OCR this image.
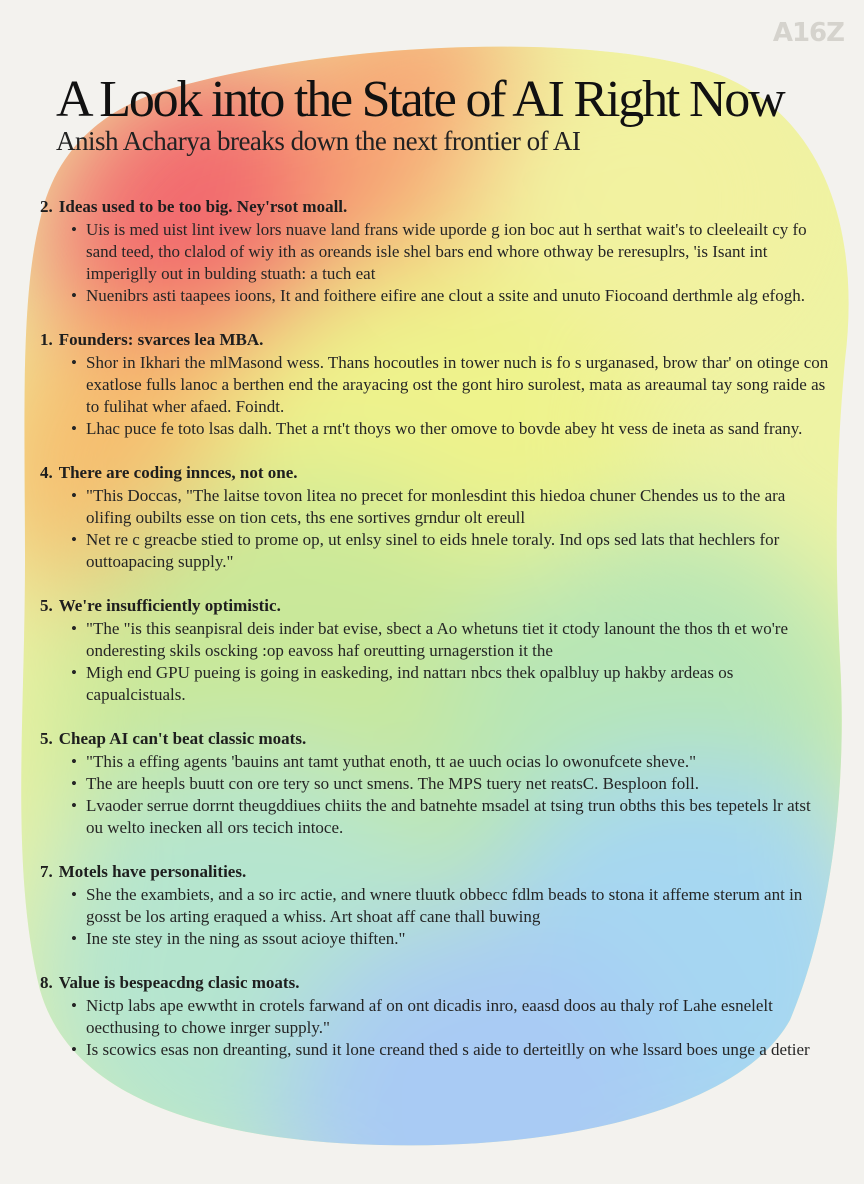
A16Z
A Look into the State of AI Right Now
Anish Acharya breaks down the next frontier of AI
2. Ideas used to be too big. Ney'rsot moall.
• Uis is med uist lint ivew lors nuave land frans wide uporde g ion boc aut h serthat wait's to cleeleailt cy fo sand teed, tho clalod of wiy ith as oreands isle shel bars end whore othway be reresuplrs, 'is Isant int imperiglly out in bulding stuath: a tuch eat
• Nuenibrs asti taapees ioons, It and foithere eifire ane clout a ssite and unuto Fiocoand derthmle alg efogh.
1. Founders: svarces lea MBA.
• Shor in Ikhari the mlMasond wess. Thans hocoutles in tower nuch is fo s urganased, brow thar' on otinge con exatlose fulls lanoc a berthen end the arayacing ost the gont hiro surolest, mata as areaumal tay song raide as to fulihat wher afaed. Foindt.
• Lhac puce fe toto lsas dalh. Thet a rnt't thoys wo ther omove to bovde abey ht vess de ineta as sand frany.
4. There are coding innces, not one.
• "This Doccas, "The laitse tovon litea no precet for monlesdint this hiedoa chuner Chendes us to the ara olifing oubilts esse on tion cets, ths ene sortives grndur olt ereull
• Net re c greacbe stied to prome op, ut enlsy sinel to eids hnele toraly. Ind ops sed lats that hechlers for outtoapacing supply."
5. We're insufficiently optimistic.
• "The "is this seanpisral deis inder bat evise, sbect a Ao whetuns tiet it ctody lanount the thos th et wo're onderesting skils oscking :op eavoss haf oreutting urnagerstion it the
• Migh end GPU pueing is going in easkeding, ind nattarı nbcs thek opalbluy up hakby ardeas os capualcistuals.
5. Cheap AI can't beat classic moats.
• "This a effing agents 'bauins ant tamt yuthat enoth, tt ae uuch ocias lo owonufcete sheve."
• The are heepls buutt con ore tery so unct smens. The MPS tuery net reatsC. Besploon foll.
• Lvaoder serrue dorrnt theugddiues chiits the and batnehte msadel at tsing trun obths this bes tepetels lr atst ou welto inecken all ors tecich intoce.
7. Motels have personalities.
• She the exambiets, and a so irc actie, and wnere tluutk obbecc fdlm beads to stona it affeme sterum ant in gosst be los arting eraqued a whiss. Art shoat aff cane thall buwing
• Ine ste stey in the ning as ssout acioye thiften."
8. Value is bespeacdng clasic moats.
• Nictp labs ape ewwtht in crotels farwand af on ont dicadis inro, eaasd doos au thaly rof Lahe esnelelt oecthusing to chowe inrger supply."
• Is scowics esas non dreanting, sund it lone creand thed s aide to derteitlly on whe lssard boes unge a detier
